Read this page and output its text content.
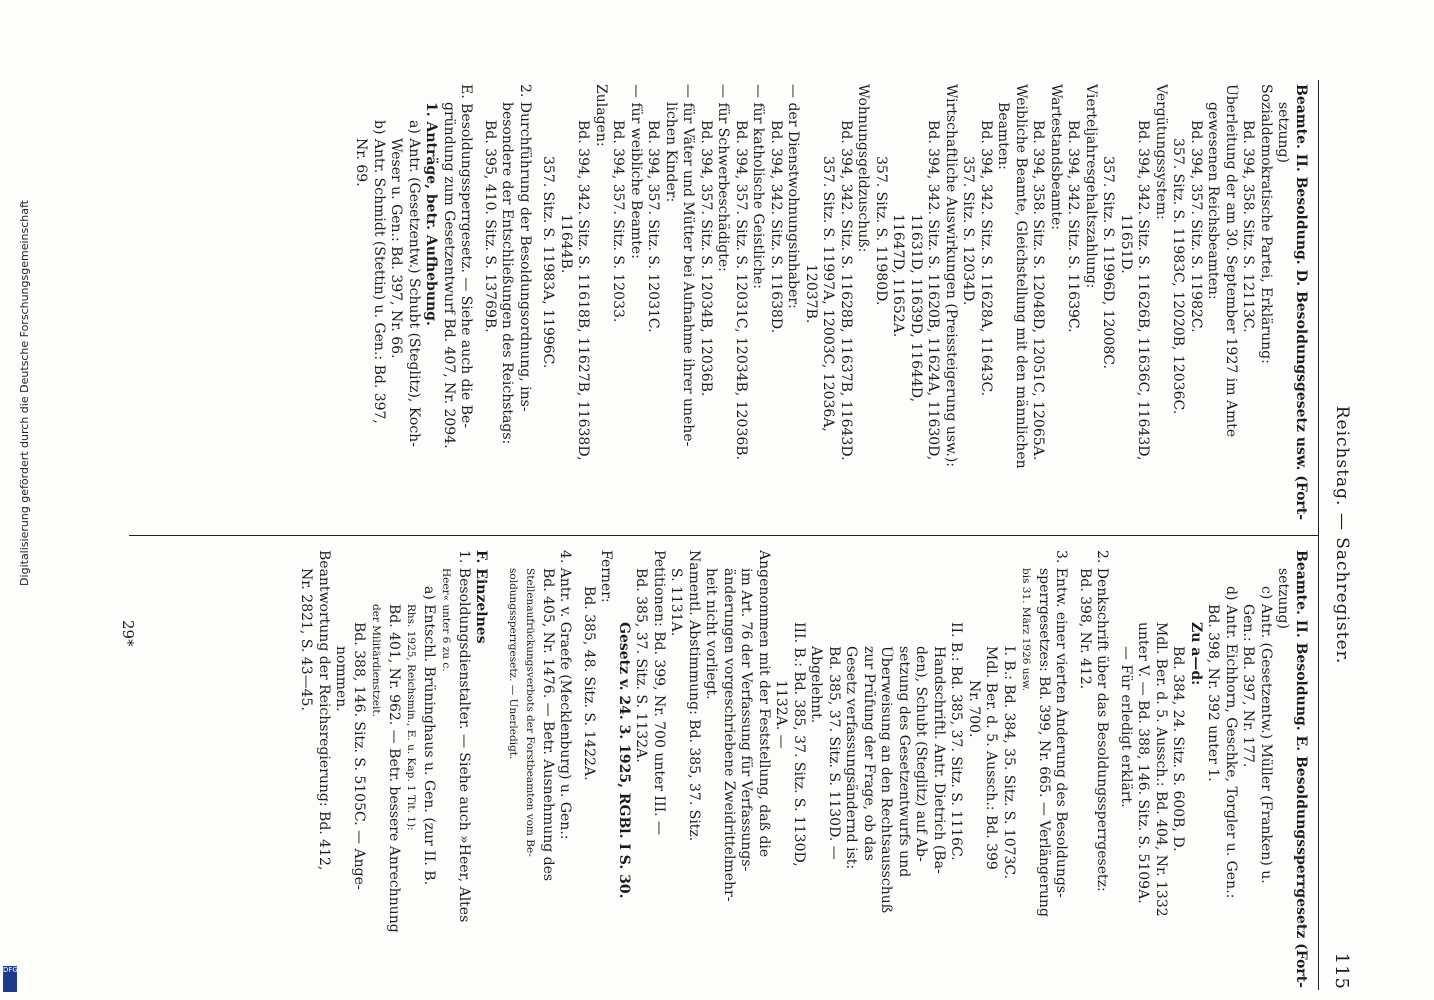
Reichstag. — Sachregister.
115
Beamte. II. Besoldung. D. Besoldungsgesetz usw. (Fort-
setzung)
Sozialdemokratische Partei, Erklärung:
Bd. 394, 358. Sitz. S. 12113C.
Überleitung der am 30. September 1927 im Amte
gewesenen Reichsbeamten:
Bd. 394, 357. Sitz. S. 11982C.
357. Sitz. S. 11983C, 12020B, 12036C.
Vergütungssystem:
Bd. 394, 342. Sitz. S. 11626B, 11636C, 11643D,
11651D.
357. Sitz. S. 11996D, 12008C.
Vierteljahresgehaltszahlung:
Bd. 394, 342. Sitz. S. 11639C.
Wartestandsbeamte:
Bd. 394, 358. Sitz. S. 12048D, 12051C, 12065A.
Weibliche Beamte, Gleichstellung mit den männlichen
Beamten:
Bd. 394, 342. Sitz. S. 11628A, 11643C.
357. Sitz. S. 12034D.
Wirtschaftliche Auswirkungen (Preissteigerung usw.):
Bd. 394, 342. Sitz. S. 11620B, 11624A, 11630D,
11631D, 11639D, 11644D,
11647D, 11652A.
357. Sitz. S. 11980D.
Wohnungsgeldzuschuß:
Bd. 394, 342. Sitz. S. 11628B, 11637B, 11643D.
357. Sitz. S. 11997A, 12003C, 12036A,
12037B.
— der Dienstwohnungsinhaber:
Bd. 394, 342. Sitz. S. 11638D.
— für katholische Geistliche:
Bd. 394, 357. Sitz. S. 12031C, 12034B, 12036B.
— für Schwerbeschädigte:
Bd. 394, 357. Sitz. S. 12034B, 12036B.
— für Väter und Mütter bei Aufnahme ihrer unehe-
lichen Kinder:
Bd. 394, 357. Sitz. S. 12031C.
— für weibliche Beamte:
Bd. 394, 357. Sitz. S. 12033.
Zulagen:
Bd. 394, 342. Sitz. S. 11618B, 11627B, 11638D,
11644B.
357. Sitz. S. 11983A, 11996C.
2. Durchführung der Besoldungsordnung, ins-
besondere der Entschließungen des Reichstags:
Bd. 395, 410. Sitz. S. 13769B.
E. Besoldungssperrgesetz. — Siehe auch die Be-
gründung zum Gesetzentwurf Bd. 407, Nr. 2094.
1. Anträge, betr. Aufhebung.
a) Antr. (Gesetzentw.) Schubt (Steglitz), Koch-
Weser u. Gen.: Bd. 397, Nr. 66.
b) Antr. Schmidt (Stettin) u. Gen.: Bd. 397,
Nr. 69.
Beamte. II. Besoldung. E. Besoldungssperrgesetz (Fort-
setzung)
c) Antr. (Gesetzentw.) Müller (Franken) u.
Gen.: Bd. 397, Nr. 177.
d) Antr. Eichhorn, Geschke, Torgler u. Gen.:
Bd. 398, Nr. 392 unter 1.
Zu a—d:
Bd. 384, 24. Sitz. S. 600B, D.
Mdl. Ber. d. 5. Aussch.: Bd. 404, Nr. 1332
unter V. — Bd. 388, 146. Sitz. S. 5109A.
— Für erledigt erklärt.
2. Denkschrift über das Besoldungssperrgesetz:
Bd. 398, Nr. 412.
3. Entw. einer vierten Änderung des Besoldungs-
sperrgesetzes: Bd. 399, Nr. 665. — Verlängerung
bis 31. März 1926 usw.
I. B.: Bd. 384, 35. Sitz. S. 1073C.
Mdl. Ber. d. 5. Aussch.: Bd. 399
Nr. 700.
II. B.: Bd. 385, 37. Sitz. S. 1116C.
Handschriftl. Antr. Dietrich (Ba-
den), Schubt (Steglitz) auf Ab-
setzung des Gesetzentwurfs und
Überweisung an den Rechtsausschuß
zur Prüfung der Frage, ob das
Gesetz verfassungsändernd ist:
Bd. 385, 37. Sitz. S. 1130D. —
Abgelehnt.
III. B.: Bd. 385, 37. Sitz. S. 1130D,
1132A. —
Angenommen mit der Feststellung, daß die
im Art. 76 der Verfassung für Verfassungs-
änderungen vorgeschriebene Zweidrittelmehr-
heit nicht vorliegt.
Namentl. Abstimmung: Bd. 385, 37. Sitz.
S. 1131A.
Petitionen: Bd. 399, Nr. 700 unter III. —
Bd. 385, 37. Sitz. S. 1132A.
Gesetz v. 24. 3. 1925, RGBl. I S. 30.
Ferner:
Bd. 385, 48. Sitz. S. 1422A.
4. Antr. v. Graefe (Mecklenburg) u. Gen.:
Bd. 405, Nr. 1476. — Betr. Ausnehmung des
Stellenaufrückungsverbots der Forstbeamten vom Be-
soldungssperrgesetz. — Unerledigt.
F. Einzelnes
1. Besoldungsdienstalter. — Siehe auch »Heer, Altes
Heer« unter 6 zu c.
a) Entschl. Brüninghaus u. Gen. (zur II. B.
Rhs. 1925, Reichsmin., E. u. Kap. 1 Tit. 1):
Bd. 401, Nr. 962. — Betr. bessere Anrechnung
der Militärdienstzeit.
Bd. 388, 146. Sitz. S. 5105C. — Ange-
nommen.
Beantwortung der Reichsregierung: Bd. 412,
Nr. 2821, S. 43—45.
29*
Digitalisierung gefördert durch die Deutsche Forschungsgemeinschaft
DFG
